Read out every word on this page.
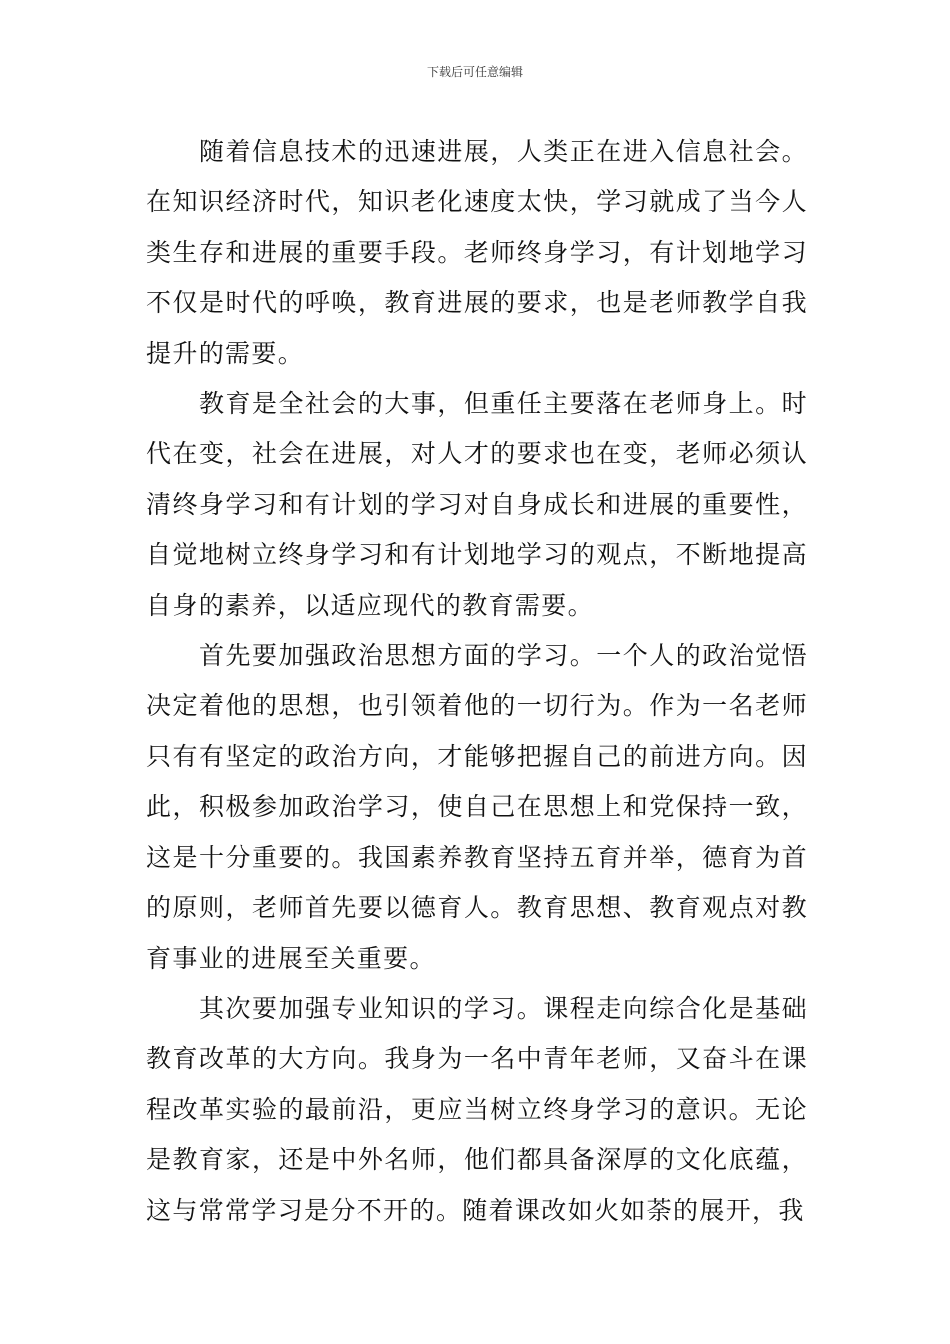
下载后可任意编辑

随着信息技术的迅速进展，人类正在进入信息社会。在知识经济时代，知识老化速度太快，学习就成了当今人类生存和进展的重要手段。老师终身学习，有计划地学习不仅是时代的呼唤，教育进展的要求，也是老师教学自我提升的需要。

教育是全社会的大事，但重任主要落在老师身上。时代在变，社会在进展，对人才的要求也在变，老师必须认清终身学习和有计划的学习对自身成长和进展的重要性，自觉地树立终身学习和有计划地学习的观点，不断地提高自身的素养，以适应现代的教育需要。

首先要加强政治思想方面的学习。一个人的政治觉悟决定着他的思想，也引领着他的一切行为。作为一名老师只有有坚定的政治方向，才能够把握自己的前进方向。因此，积极参加政治学习，使自己在思想上和党保持一致，这是十分重要的。我国素养教育坚持五育并举，德育为首的原则，老师首先要以德育人。教育思想、教育观点对教育事业的进展至关重要。

其次要加强专业知识的学习。课程走向综合化是基础教育改革的大方向。我身为一名中青年老师，又奋斗在课程改革实验的最前沿，更应当树立终身学习的意识。无论是教育家，还是中外名师，他们都具备深厚的文化底蕴，这与常常学习是分不开的。随着课改如火如荼的展开，我
